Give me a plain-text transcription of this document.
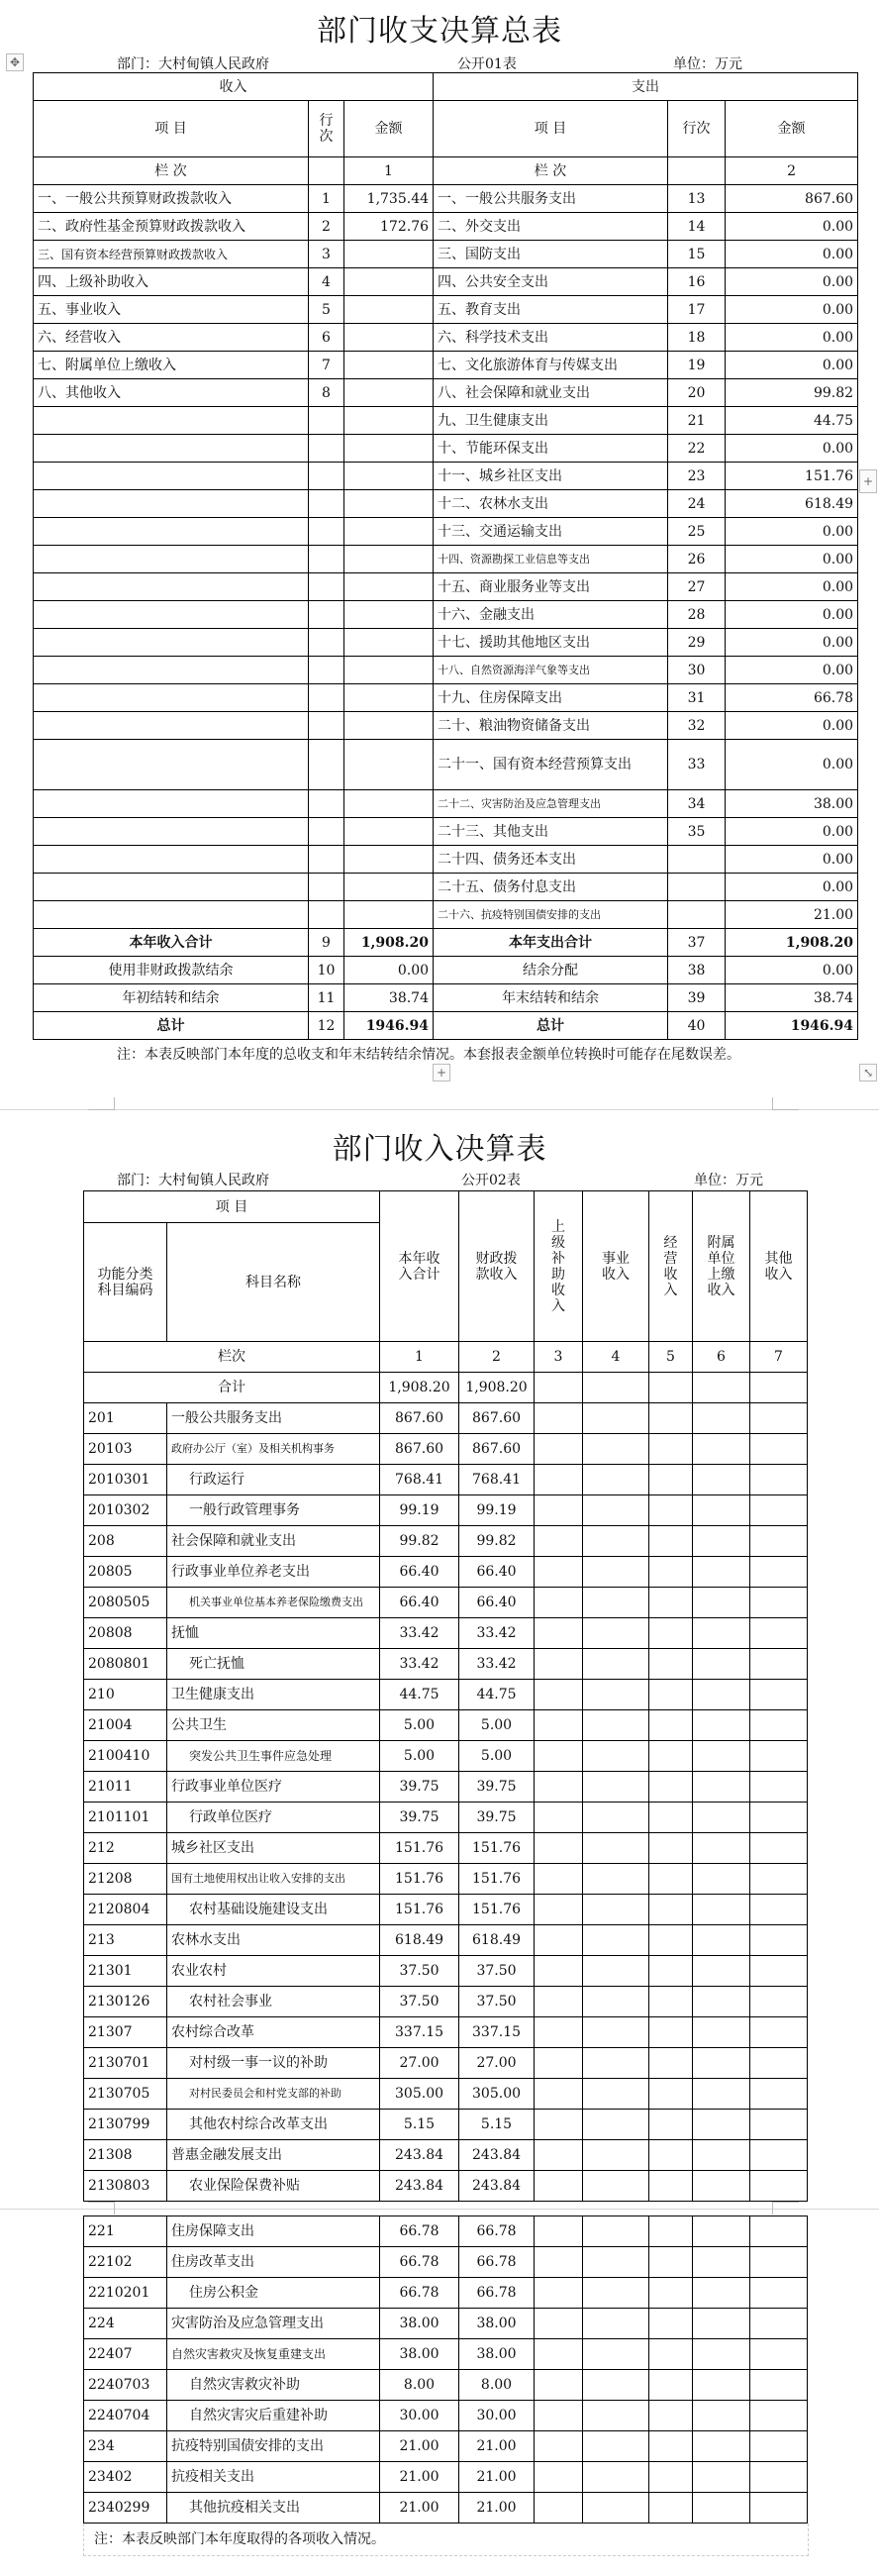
部门收支决算总表
✥	部门：大村甸镇人民政府	公开01表	单位：万元
收入			支出		
项 目	行次	金额	项 目	行次	金额
栏 次		1	栏 次		2
一、一般公共预算财政拨款收入	1	1,735.44	一、一般公共服务支出	13	867.60
二、政府性基金预算财政拨款收入	2	172.76	二、外交支出	14	0.00
三、国有资本经营预算财政拨款收入	3		三、国防支出	15	0.00
四、上级补助收入	4		四、公共安全支出	16	0.00
五、事业收入	5		五、教育支出	17	0.00
六、经营收入	6		六、科学技术支出	18	0.00
七、附属单位上缴收入	7		七、文化旅游体育与传媒支出	19	0.00
八、其他收入	8		八、社会保障和就业支出	20	99.82
			九、卫生健康支出	21	44.75
			十、节能环保支出	22	0.00
			十一、城乡社区支出	23	151.76
			十二、农林水支出	24	618.49
			十三、交通运输支出	25	0.00
			十四、资源勘探工业信息等支出	26	0.00
			十五、商业服务业等支出	27	0.00
			十六、金融支出	28	0.00
			十七、援助其他地区支出	29	0.00
			十八、自然资源海洋气象等支出	30	0.00
			十九、住房保障支出	31	66.78
			二十、粮油物资储备支出	32	0.00
			二十一、国有资本经营预算支出	33	0.00
			二十二、灾害防治及应急管理支出	34	38.00
			二十三、其他支出	35	0.00
			二十四、债务还本支出		0.00
			二十五、债务付息支出		0.00
			二十六、抗疫特别国债安排的支出		21.00
本年收入合计	9	1,908.20	本年支出合计	37	1,908.20
使用非财政拨款结余	10	0.00	结余分配	38	0.00
年初结转和结余	11	38.74	年末结转和结余	39	38.74
总计	12	1946.94	总计	40	1946.94
注：本表反映部门本年度的总收支和年末结转结余情况。本套报表金额单位转换时可能存在尾数误差。
+	⤡
+
部门收入决算表
部门：大村甸镇人民政府	公开02表	单位：万元
项 目		本年收入合计	财政拨款收入	上级补助收入	事业收入	经营收入	附属单位上缴收入	其他收入
功能分类科目编码	科目名称							
栏次		1	2	3	4	5	6	7
合计		1,908.20	1,908.20					
201	一般公共服务支出	867.60	867.60					
20103	政府办公厅（室）及相关机构事务	867.60	867.60					
2010301	行政运行	768.41	768.41					
2010302	一般行政管理事务	99.19	99.19					
208	社会保障和就业支出	99.82	99.82					
20805	行政事业单位养老支出	66.40	66.40					
2080505	机关事业单位基本养老保险缴费支出	66.40	66.40					
20808	抚恤	33.42	33.42					
2080801	死亡抚恤	33.42	33.42					
210	卫生健康支出	44.75	44.75					
21004	公共卫生	5.00	5.00					
2100410	突发公共卫生事件应急处理	5.00	5.00					
21011	行政事业单位医疗	39.75	39.75					
2101101	行政单位医疗	39.75	39.75					
212	城乡社区支出	151.76	151.76					
21208	国有土地使用权出让收入安排的支出	151.76	151.76					
2120804	农村基础设施建设支出	151.76	151.76					
213	农林水支出	618.49	618.49					
21301	农业农村	37.50	37.50					
2130126	农村社会事业	37.50	37.50					
21307	农村综合改革	337.15	337.15					
2130701	对村级一事一议的补助	27.00	27.00					
2130705	对村民委员会和村党支部的补助	305.00	305.00					
2130799	其他农村综合改革支出	5.15	5.15					
21308	普惠金融发展支出	243.84	243.84					
2130803	农业保险保费补贴	243.84	243.84					
221	住房保障支出	66.78	66.78					
22102	住房改革支出	66.78	66.78					
2210201	住房公积金	66.78	66.78					
224	灾害防治及应急管理支出	38.00	38.00					
22407	自然灾害救灾及恢复重建支出	38.00	38.00					
2240703	自然灾害救灾补助	8.00	8.00					
2240704	自然灾害灾后重建补助	30.00	30.00					
234	抗疫特别国债安排的支出	21.00	21.00					
23402	抗疫相关支出	21.00	21.00					
2340299	其他抗疫相关支出	21.00	21.00					
注：本表反映部门本年度取得的各项收入情况。
